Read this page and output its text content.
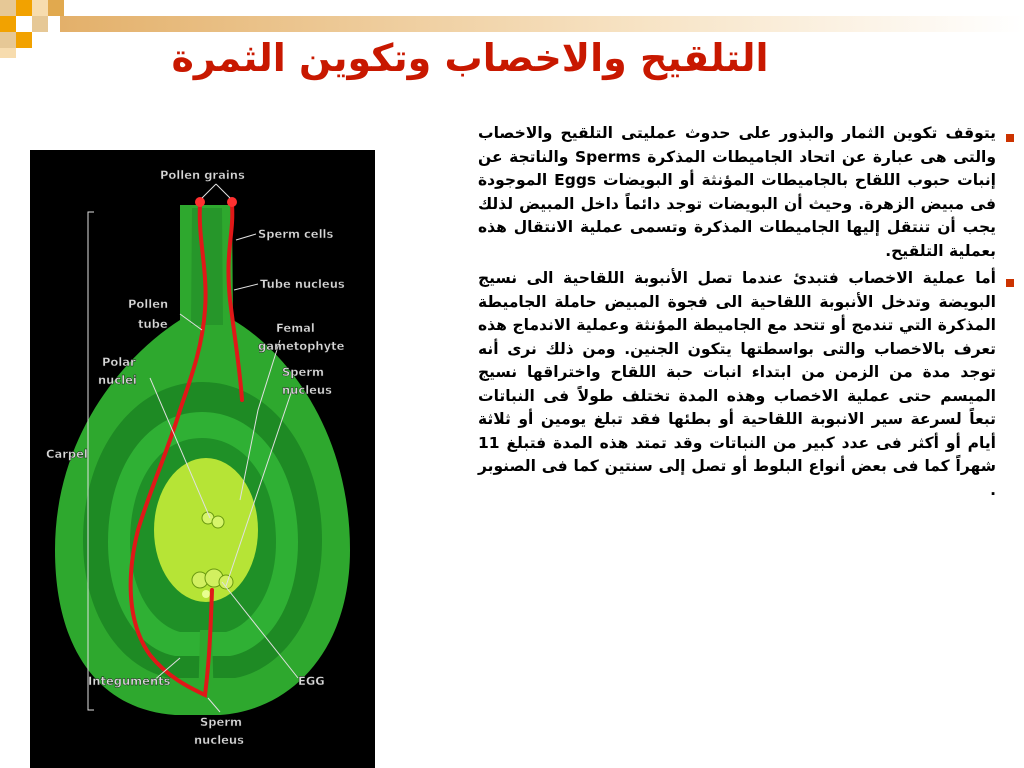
التلقيح والاخصاب وتكوين الثمرة
Pollen grains
Sperm cells
Tube nucleus
Pollen
tube	Femal
gametophyte
Polar
nuclei
Sperm
nucleus
Carpel
Integuments	EGG
Sperm
nucleus
يتوقف تكوين الثمار والبذور على حدوث عمليتى التلقيح والاخصاب والتى هى عبارة عن اتحاد الجاميطات المذكرة Sperms والناتجة عن إنبات حبوب اللقاح بالجاميطات المؤنثة أو البويضات Eggs الموجودة فى مبيض الزهرة. وحيث أن البويضات توجد دائماً داخل المبيض لذلك يجب أن تنتقل إليها الجاميطات المذكرة وتسمى عملية الانتقال هذه بعملية التلقيح.
أما عملية الاخصاب فتبدئ عندما تصل الأنبوبة اللقاحية الى نسيج البويضة وتدخل الأنبوبة اللقاحية الى فجوة المبيض حاملة الجاميطة المذكرة التي تندمج أو تتحد مع الجاميطة المؤنثة وعملية الاندماج هذه تعرف بالاخصاب والتى بواسطتها يتكون الجنين. ومن ذلك نرى أنه توجد مدة من الزمن من ابتداء انبات حبة اللقاح واختراقها نسيج الميسم حتى عملية الاخصاب وهذه المدة تختلف طولاً فى النباتات تبعاً لسرعة سير الانبوبة اللقاحية أو بطئها فقد تبلغ يومين أو ثلاثة أيام أو أكثر فى عدد كبير من النباتات وقد تمتد هذه المدة فتبلغ 11 شهراً كما فى بعض أنواع البلوط أو تصل إلى سنتين كما فى الصنوبر .
